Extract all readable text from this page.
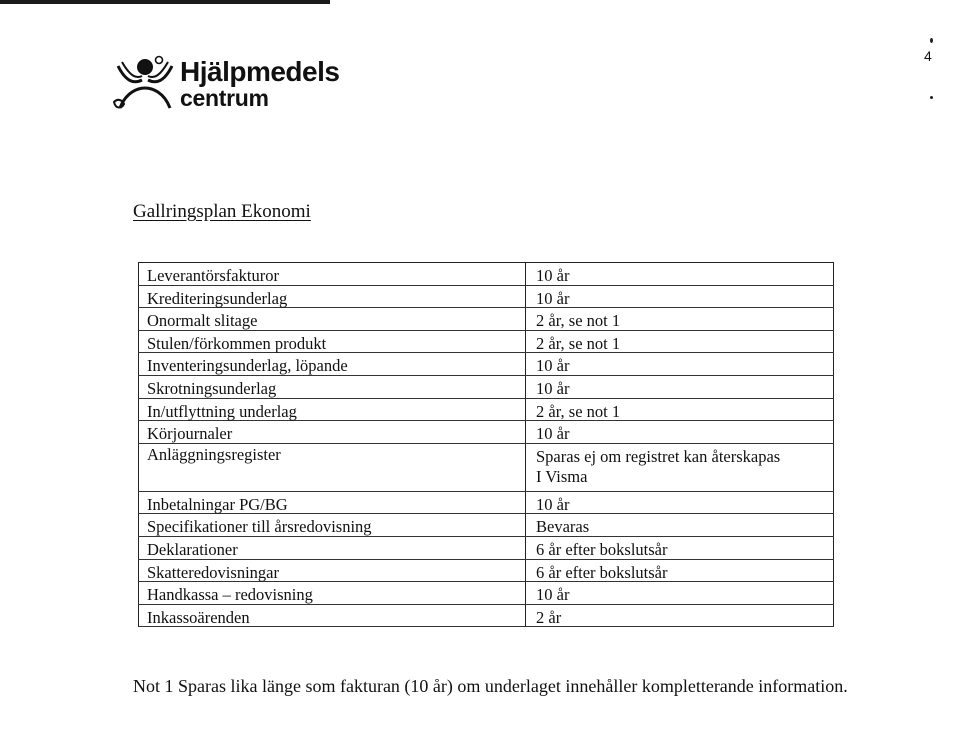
4
Hjälpmedels
centrum
Gallringsplan Ekonomi
Leverantörsfakturor	10 år

Krediteringsunderlag	10 år

Onormalt slitage	2 år, se not 1

Stulen/förkommen produkt	2 år, se not 1

Inventeringsunderlag, löpande	10 år

Skrotningsunderlag	10 år

In/utflyttning underlag	2 år, se not 1

Körjournaler	10 år

Anläggningsregister	Sparas ej om registret kan återskapas
I Visma

Inbetalningar PG/BG	10 år

Specifikationer till årsredovisning	Bevaras

Deklarationer	6 år efter bokslutsår

Skatteredovisningar	6 år efter bokslutsår

Handkassa – redovisning	10 år

Inkassoärenden	2 år
Not 1 Sparas lika länge som fakturan (10 år) om underlaget innehåller kompletterande information.
